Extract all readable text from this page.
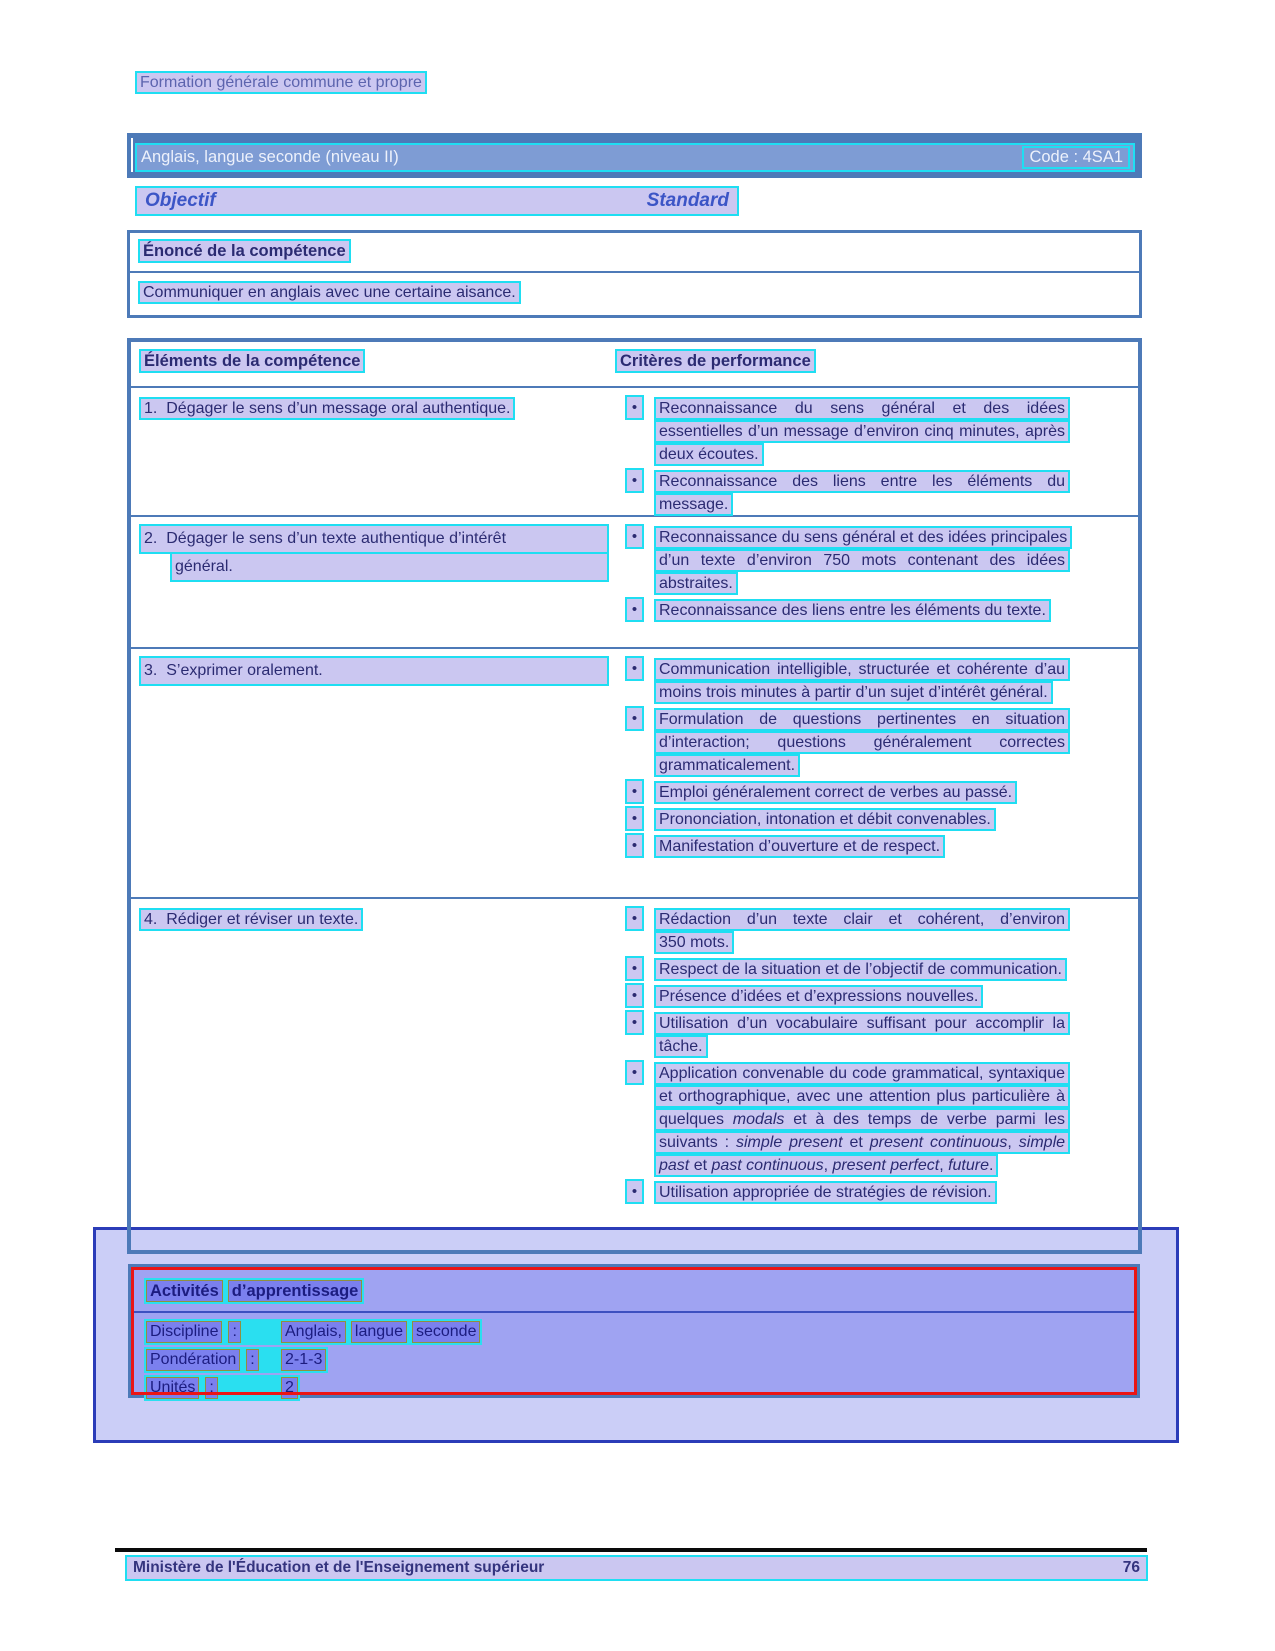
Formation générale commune et propre
Anglais, langue seconde (niveau II)	Code : 4SA1
Objectif	Standard
Énoncé de la compétence
Communiquer en anglais avec une certaine aisance.
Éléments de la compétence	Critères de performance
1.  Dégager le sens d’un message oral authentique.	•	Reconnaissance du sens général et des idées essentielles d’un message d’environ cinq minutes, après deux écoutes.
•	Reconnaissance des liens entre les éléments du message.
2.  Dégager le sens d’un texte authentique d’intérêt
général.
•	Reconnaissance du sens général et des idées principales d’un texte d’environ 750 mots contenant des idées abstraites.
•	Reconnaissance des liens entre les éléments du texte.
3.  S’exprimer oralement.	•	Communication intelligible, structurée et cohérente d’au moins trois minutes à partir d’un sujet d’intérêt général.
•	Formulation de questions pertinentes en situation d’interaction; questions généralement correctes grammaticalement.
•	Emploi généralement correct de verbes au passé.
•	Prononciation, intonation et débit convenables.
•	Manifestation d’ouverture et de respect.
4.  Rédiger et réviser un texte.	•	Rédaction d’un texte clair et cohérent, d’environ 350 mots.
•	Respect de la situation et de l’objectif de communication.
•	Présence d’idées et d’expressions nouvelles.
•	Utilisation d’un vocabulaire suffisant pour accomplir la tâche.
•	Application convenable du code grammatical, syntaxique et orthographique, avec une attention plus particulière à quelques modals et à des temps de verbe parmi les suivants : simple present et present continuous, simple past et past continuous, present perfect, future.
•	Utilisation appropriée de stratégies de révision.
Activités d’apprentissage
Discipline :	Anglais, langue seconde
Pondération : 2-1-3
Unités :	2
Ministère de l'Éducation et de l'Enseignement supérieur	76
